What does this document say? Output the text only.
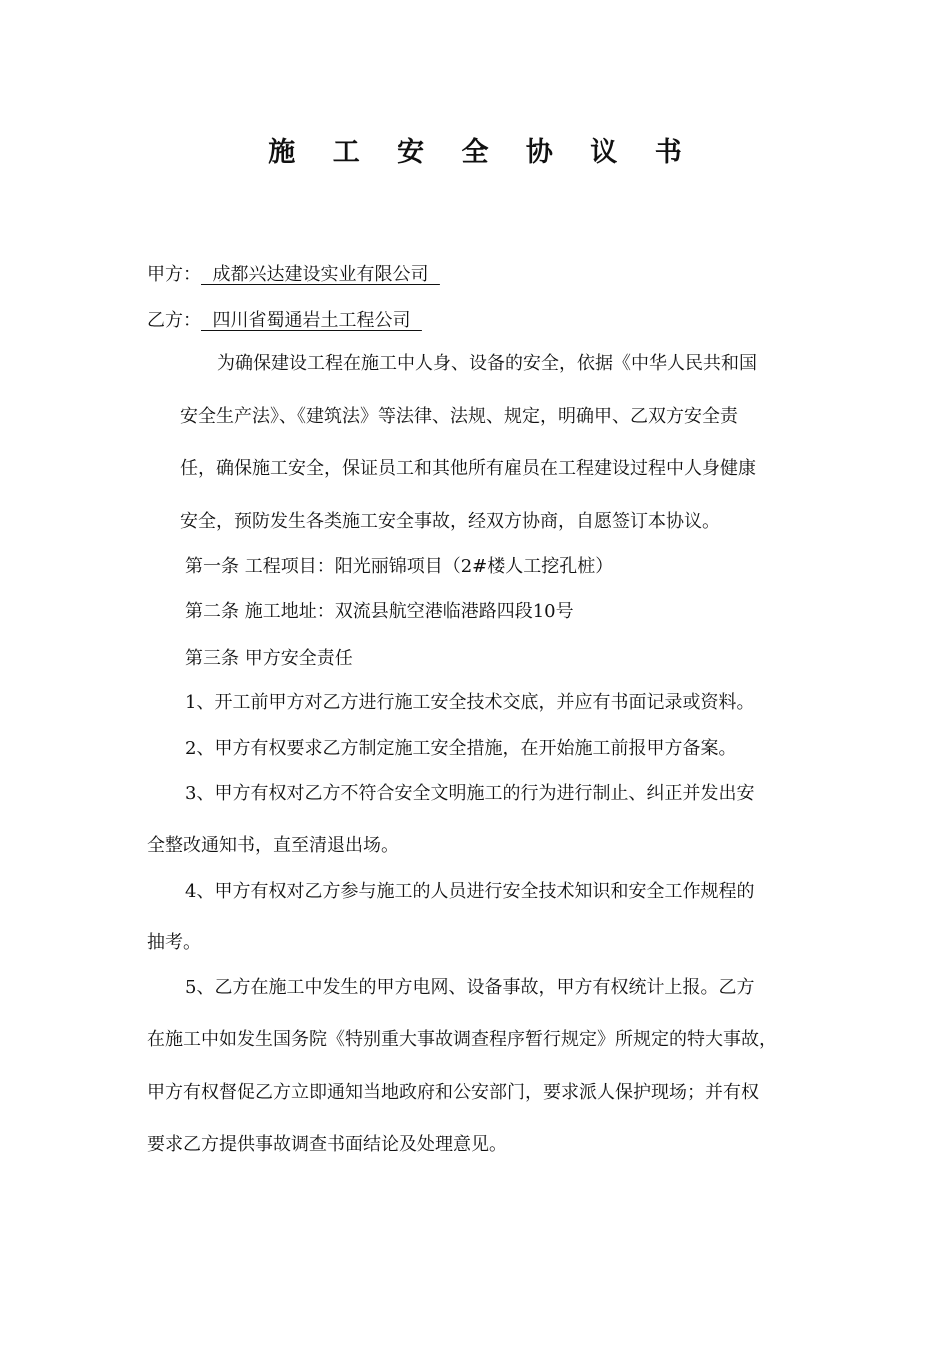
施 工 安 全 协 议 书
甲方：  成都兴达建设实业有限公司
乙方：  四川省蜀通岩土工程公司
为确保建设工程在施工中人身、设备的安全，依据《中华人民共和国
安全生产法》、《建筑法》等法律、法规、规定，明确甲、乙双方安全责
任，确保施工安全，保证员工和其他所有雇员在工程建设过程中人身健康
安全，预防发生各类施工安全事故，经双方协商，自愿签订本协议。
第一条 工程项目：阳光丽锦项目（2#楼人工挖孔桩）
第二条 施工地址：双流县航空港临港路四段10号
第三条 甲方安全责任
1、开工前甲方对乙方进行施工安全技术交底，并应有书面记录或资料。
2、甲方有权要求乙方制定施工安全措施，在开始施工前报甲方备案。
3、甲方有权对乙方不符合安全文明施工的行为进行制止、纠正并发出安
全整改通知书，直至清退出场。
4、甲方有权对乙方参与施工的人员进行安全技术知识和安全工作规程的
抽考。
5、乙方在施工中发生的甲方电网、设备事故，甲方有权统计上报。乙方
在施工中如发生国务院《特别重大事故调查程序暂行规定》所规定的特大事故，
甲方有权督促乙方立即通知当地政府和公安部门，要求派人保护现场；并有权
要求乙方提供事故调查书面结论及处理意见。
